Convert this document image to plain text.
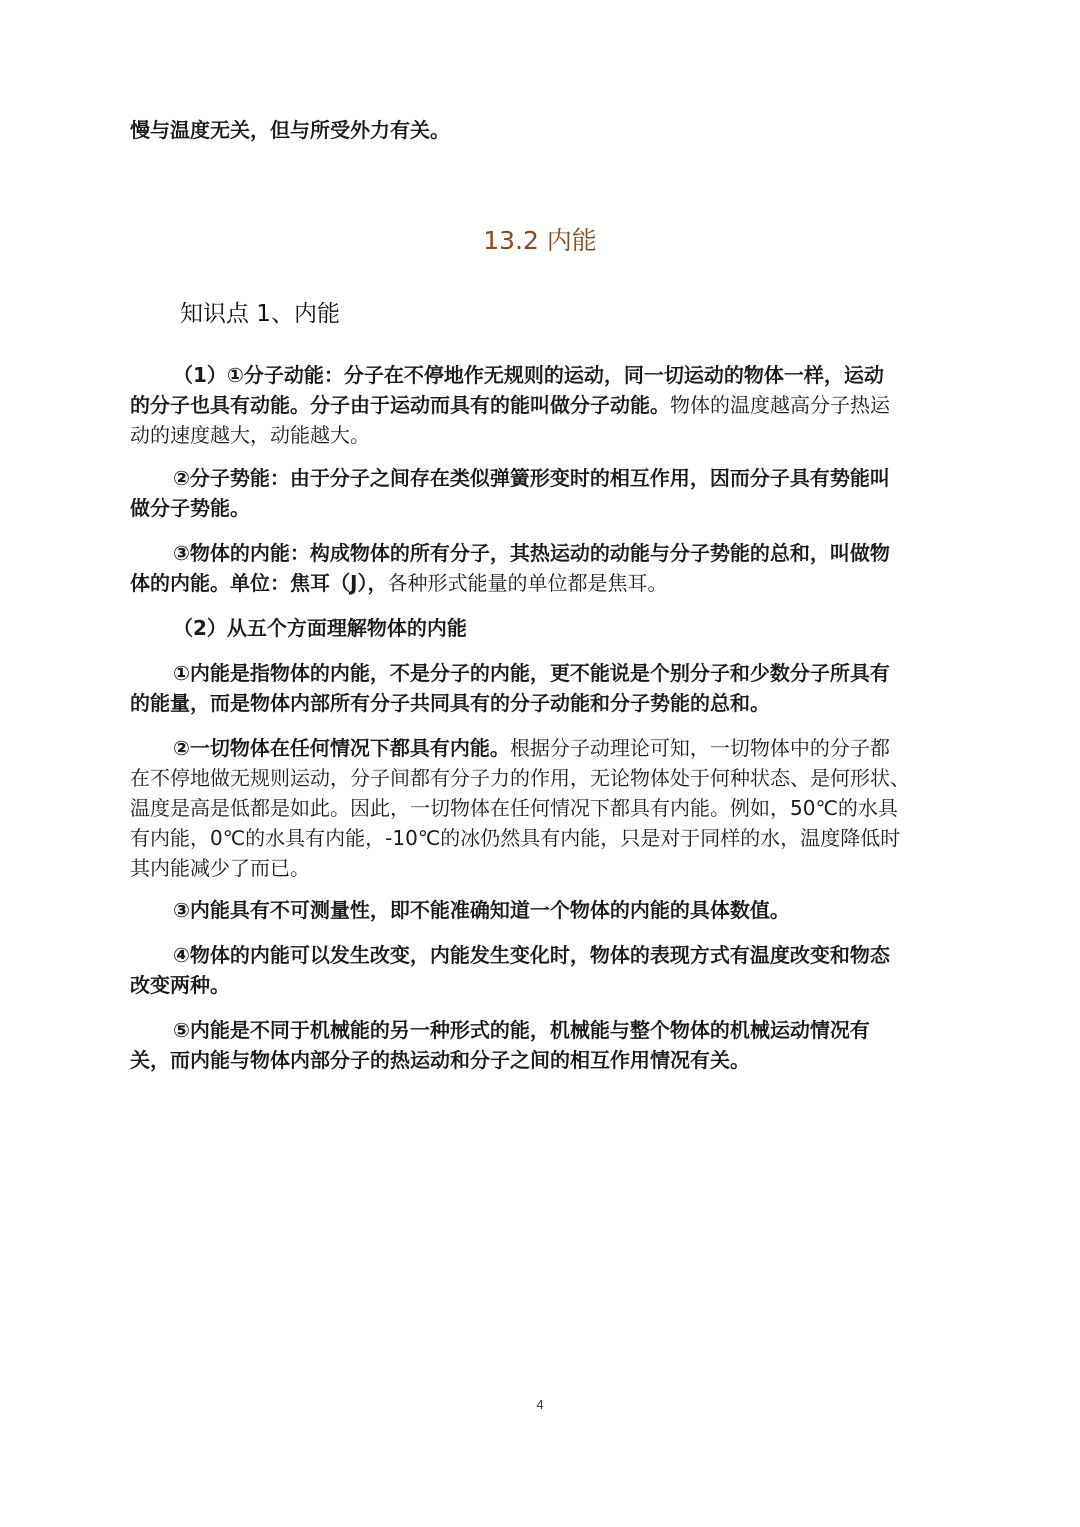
慢与温度无关，但与所受外力有关。
13.2 内能
知识点 1、内能
（1）①分子动能：分子在不停地作无规则的运动，同一切运动的物体一样，运动
的分子也具有动能。分子由于运动而具有的能叫做分子动能。物体的温度越高分子热运
动的速度越大，动能越大。
②分子势能：由于分子之间存在类似弹簧形变时的相互作用，因而分子具有势能叫
做分子势能。
③物体的内能：构成物体的所有分子，其热运动的动能与分子势能的总和，叫做物
体的内能。单位：焦耳（J），各种形式能量的单位都是焦耳。
（2）从五个方面理解物体的内能
①内能是指物体的内能，不是分子的内能，更不能说是个别分子和少数分子所具有
的能量，而是物体内部所有分子共同具有的分子动能和分子势能的总和。
②一切物体在任何情况下都具有内能。根据分子动理论可知，一切物体中的分子都
在不停地做无规则运动，分子间都有分子力的作用，无论物体处于何种状态、是何形状、
温度是高是低都是如此。因此，一切物体在任何情况下都具有内能。例如，50℃的水具
有内能，0℃的水具有内能，-10℃的冰仍然具有内能，只是对于同样的水，温度降低时
其内能减少了而已。
③内能具有不可测量性，即不能准确知道一个物体的内能的具体数值。
④物体的内能可以发生改变，内能发生变化时，物体的表现方式有温度改变和物态
改变两种。
⑤内能是不同于机械能的另一种形式的能，机械能与整个物体的机械运动情况有
关，而内能与物体内部分子的热运动和分子之间的相互作用情况有关。
4
